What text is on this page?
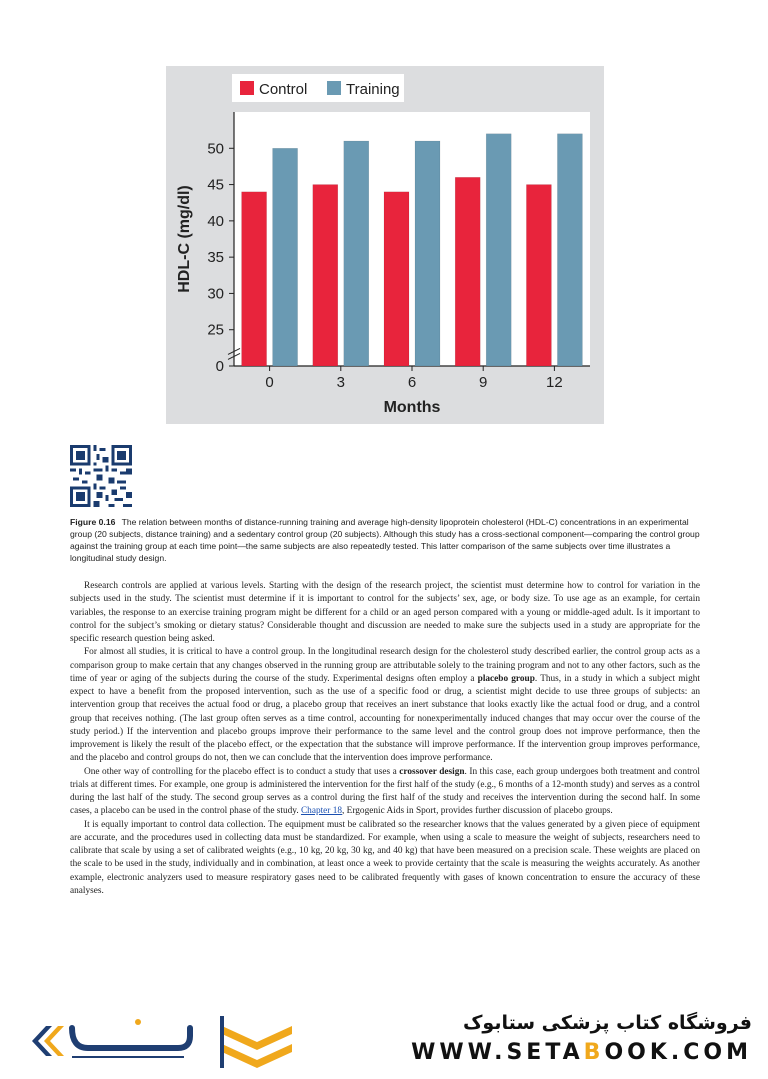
0
25
30
35
40
45
50
0	3	6	9	12
Months
HDL-C (mg/dl)
Control	Training
Figure 0.16 The relation between months of distance-running training and average high-density lipoprotein cholesterol (HDL-C) concentrations in an experimental group (20 subjects, distance training) and a sedentary control group (20 subjects). Although this study has a cross-sectional component—comparing the control group against the training group at each time point—the same subjects are also repeatedly tested. This latter comparison of the same subjects over time illustrates a longitudinal study design.

Research controls are applied at various levels. Starting with the design of the research project, the scientist must determine how to control for variation in the subjects used in the study. The scientist must determine if it is important to control for the subjects’ sex, age, or body size. To use age as an example, for certain variables, the response to an exercise training program might be different for a child or an aged person compared with a young or middle-aged adult. Is it important to control for the subject’s smoking or dietary status? Considerable thought and discussion are needed to make sure the subjects used in a study are appropriate for the specific research question being asked.

For almost all studies, it is critical to have a control group. In the longitudinal research design for the cholesterol study described earlier, the control group acts as a comparison group to make certain that any changes observed in the running group are attributable solely to the training program and not to any other factors, such as the time of year or aging of the subjects during the course of the study. Experimental designs often employ a placebo group. Thus, in a study in which a subject might expect to have a benefit from the proposed intervention, such as the use of a specific food or drug, a scientist might decide to use three groups of subjects: an intervention group that receives the actual food or drug, a placebo group that receives an inert substance that looks exactly like the actual food or drug, and a control group that receives nothing. (The last group often serves as a time control, accounting for nonexperimentally induced changes that may occur over the course of the study period.) If the intervention and placebo groups improve their performance to the same level and the control group does not improve performance, then the improvement is likely the result of the placebo effect, or the expectation that the substance will improve performance. If the intervention group improves performance, and the placebo and control groups do not, then we can conclude that the intervention does improve performance.

One other way of controlling for the placebo effect is to conduct a study that uses a crossover design. In this case, each group undergoes both treatment and control trials at different times. For example, one group is administered the intervention for the first half of the study (e.g., 6 months of a 12-month study) and serves as a control during the last half of the study. The second group serves as a control during the first half of the study and receives the intervention during the second half. In some cases, a placebo can be used in the control phase of the study. Chapter 18, Ergogenic Aids in Sport, provides further discussion of placebo groups.

It is equally important to control data collection. The equipment must be calibrated so the researcher knows that the values generated by a given piece of equipment are accurate, and the procedures used in collecting data must be standardized. For example, when using a scale to measure the weight of subjects, researchers need to calibrate that scale by using a set of calibrated weights (e.g., 10 kg, 20 kg, 30 kg, and 40 kg) that have been measured on a precision scale. These weights are placed on the scale to be used in the study, individually and in combination, at least once a week to provide certainty that the scale is measuring the weights accurately. As another example, electronic analyzers used to measure respiratory gases need to be calibrated frequently with gases of known concentration to ensure the accuracy of these analyses.

فروشگاه کتاب پزشکی ستابوک
WWW.SETABOOK.COM
